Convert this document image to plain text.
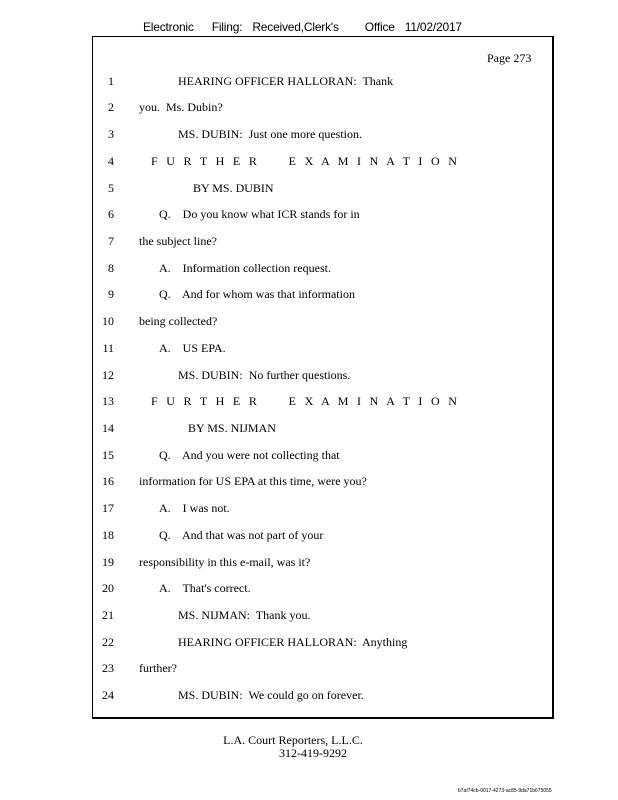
Electronic Filing: Received,Clerk's Office 11/02/2017
Page 273
1	HEARING OFFICER HALLORAN:  Thank
2 you.  Ms. Dubin?
3	MS. DUBIN:  Just one more question.
4	F U R T H E R     E X A M I N A T I O N
5	BY MS. DUBIN
6	Q.    Do you know what ICR stands for in
7 the subject line?
8	A.    Information collection request.
9	Q.    And for whom was that information
10 being collected?
11	A.    US EPA.
12	MS. DUBIN:  No further questions.
13	F U R T H E R     E X A M I N A T I O N
14	BY MS. NIJMAN
15	Q.    And you were not collecting that
16 information for US EPA at this time, were you?
17	A.    I was not.
18	Q.    And that was not part of your
19 responsibility in this e-mail, was it?
20	A.    That's correct.
21	MS. NIJMAN:  Thank you.
22	HEARING OFFICER HALLORAN:  Anything
23 further?
24	MS. DUBIN:  We could go on forever.
L.A. Court Reporters, L.L.C.
312-419-9292
b7af74cb-0017-4273-ac85-9da71b675055
